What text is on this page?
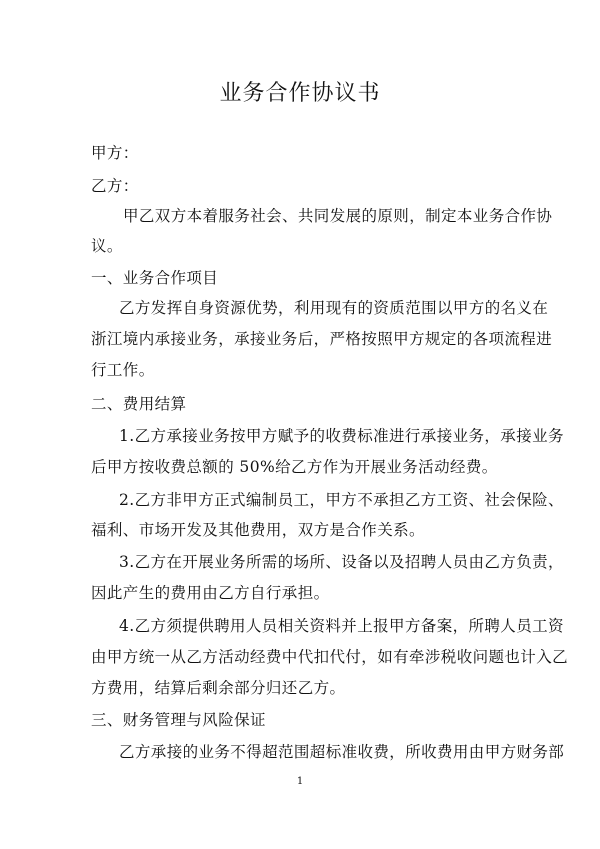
业务合作协议书
甲方：
乙方：
甲乙双方本着服务社会、共同发展的原则，制定本业务合作协
议。
一、业务合作项目
乙方发挥自身资源优势，利用现有的资质范围以甲方的名义在
浙江境内承接业务，承接业务后，严格按照甲方规定的各项流程进
行工作。
二、费用结算
1.乙方承接业务按甲方赋予的收费标准进行承接业务，承接业务
后甲方按收费总额的 50%给乙方作为开展业务活动经费。
2.乙方非甲方正式编制员工，甲方不承担乙方工资、社会保险、
福利、市场开发及其他费用，双方是合作关系。
3.乙方在开展业务所需的场所、设备以及招聘人员由乙方负责，
因此产生的费用由乙方自行承担。
4.乙方须提供聘用人员相关资料并上报甲方备案，所聘人员工资
由甲方统一从乙方活动经费中代扣代付，如有牵涉税收问题也计入乙
方费用，结算后剩余部分归还乙方。
三、财务管理与风险保证
乙方承接的业务不得超范围超标准收费，所收费用由甲方财务部
1
